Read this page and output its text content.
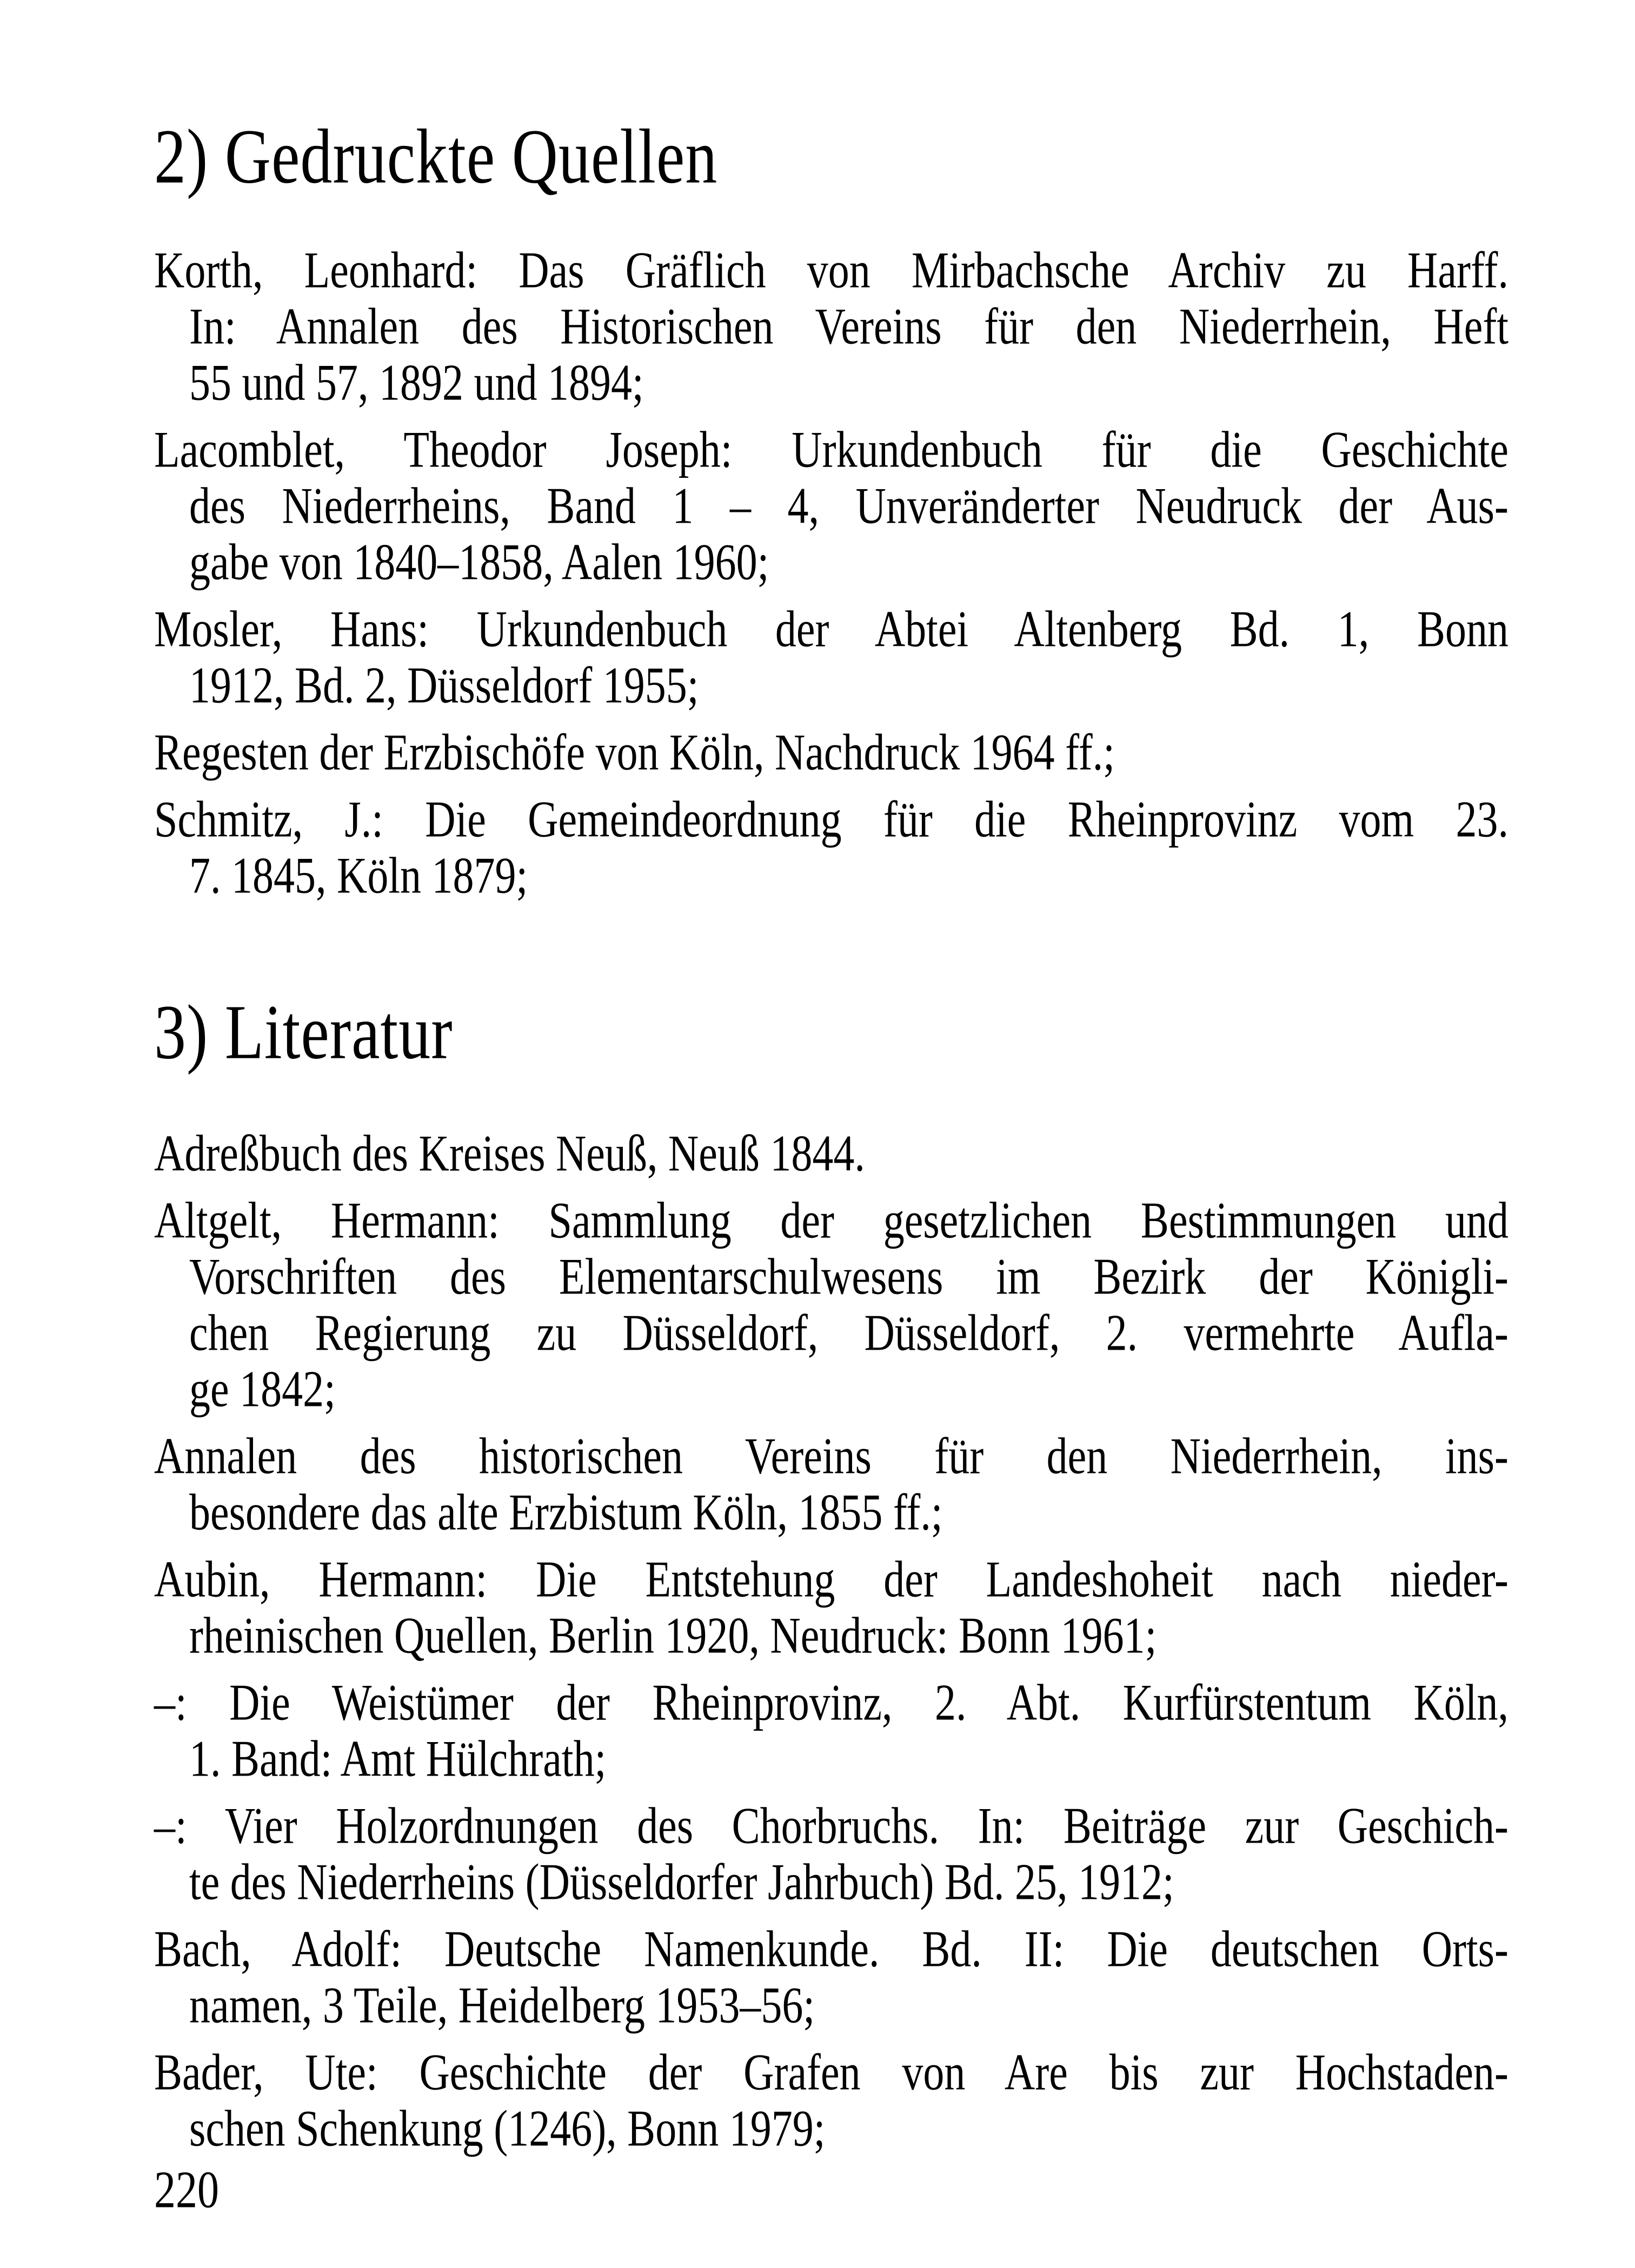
2) Gedruckte Quellen
Korth, Leonhard: Das Gräflich von Mirbachsche Archiv zu Harff.
In: Annalen des Historischen Vereins für den Niederrhein, Heft
55 und 57, 1892 und 1894;
Lacomblet, Theodor Joseph: Urkundenbuch für die Geschichte
des Niederrheins, Band 1 – 4, Unveränderter Neudruck der Aus-
gabe von 1840–1858, Aalen 1960;
Mosler, Hans: Urkundenbuch der Abtei Altenberg Bd. 1, Bonn
1912, Bd. 2, Düsseldorf 1955;
Regesten der Erzbischöfe von Köln, Nachdruck 1964 ff.;
Schmitz, J.: Die Gemeindeordnung für die Rheinprovinz vom 23.
7. 1845, Köln 1879;
3) Literatur
Adreßbuch des Kreises Neuß, Neuß 1844.
Altgelt, Hermann: Sammlung der gesetzlichen Bestimmungen und
Vorschriften des Elementarschulwesens im Bezirk der Königli-
chen Regierung zu Düsseldorf, Düsseldorf, 2. vermehrte Aufla-
ge 1842;
Annalen des historischen Vereins für den Niederrhein, ins-
besondere das alte Erzbistum Köln, 1855 ff.;
Aubin, Hermann: Die Entstehung der Landeshoheit nach nieder-
rheinischen Quellen, Berlin 1920, Neudruck: Bonn 1961;
–: Die Weistümer der Rheinprovinz, 2. Abt. Kurfürstentum Köln,
1. Band: Amt Hülchrath;
–: Vier Holzordnungen des Chorbruchs. In: Beiträge zur Geschich-
te des Niederrheins (Düsseldorfer Jahrbuch) Bd. 25, 1912;
Bach, Adolf: Deutsche Namenkunde. Bd. II: Die deutschen Orts-
namen, 3 Teile, Heidelberg 1953–56;
Bader, Ute: Geschichte der Grafen von Are bis zur Hochstaden-
schen Schenkung (1246), Bonn 1979;
220
